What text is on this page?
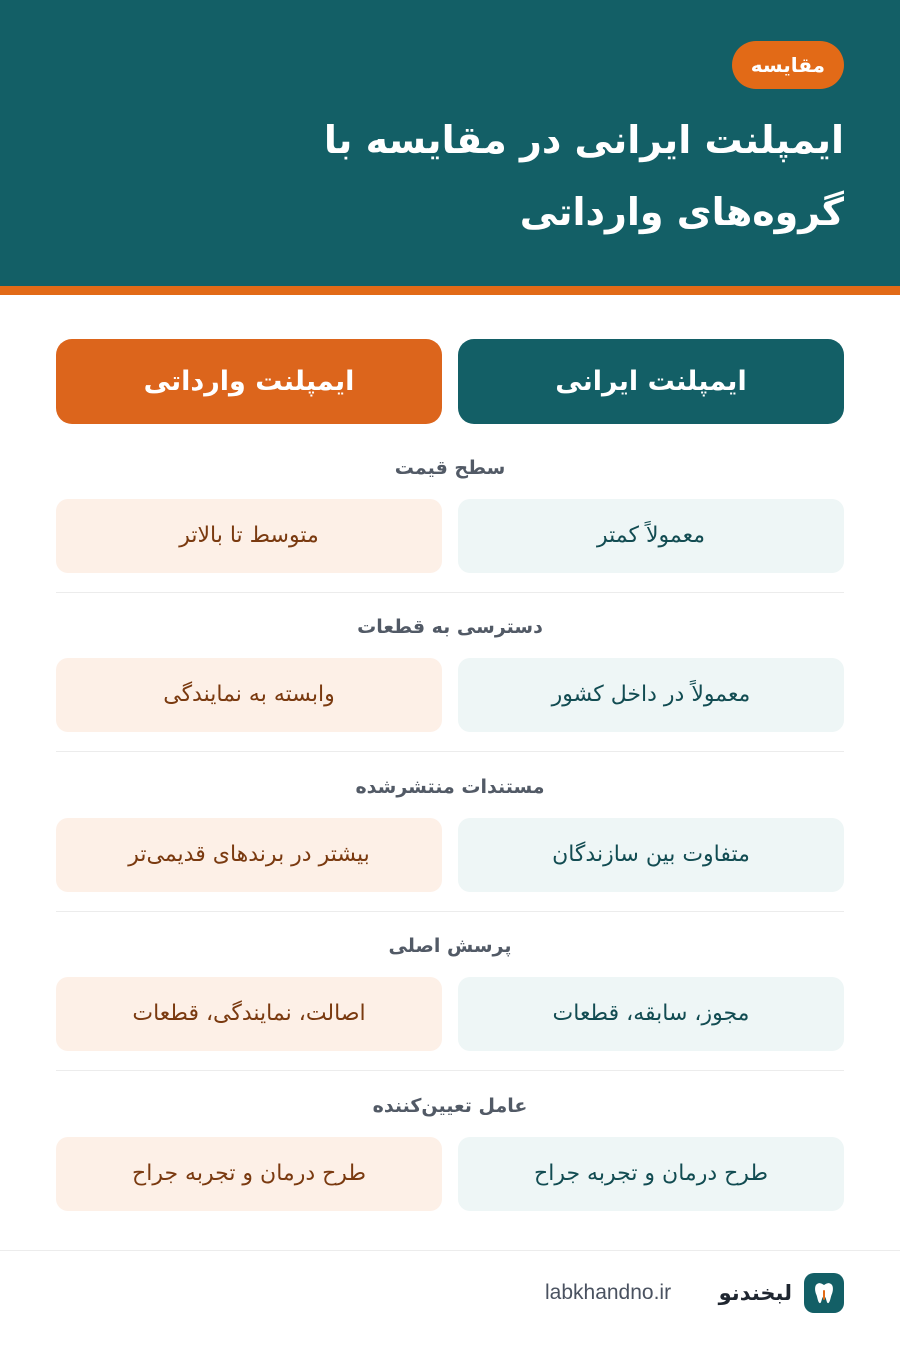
مقایسه
ایمپلنت ایرانی در مقایسه با گروه‌های وارداتی
ایمپلنت ایرانی
ایمپلنت وارداتی
سطح قیمت
معمولاً کمتر
متوسط تا بالاتر
دسترسی به قطعات
معمولاً در داخل کشور
وابسته به نمایندگی
مستندات منتشرشده
متفاوت بین سازندگان
بیشتر در برندهای قدیمی‌تر
پرسش اصلی
مجوز، سابقه، قطعات
اصالت، نمایندگی، قطعات
عامل تعیین‌کننده
طرح درمان و تجربه جراح
طرح درمان و تجربه جراح
لبخندنو
labkhandno.ir
